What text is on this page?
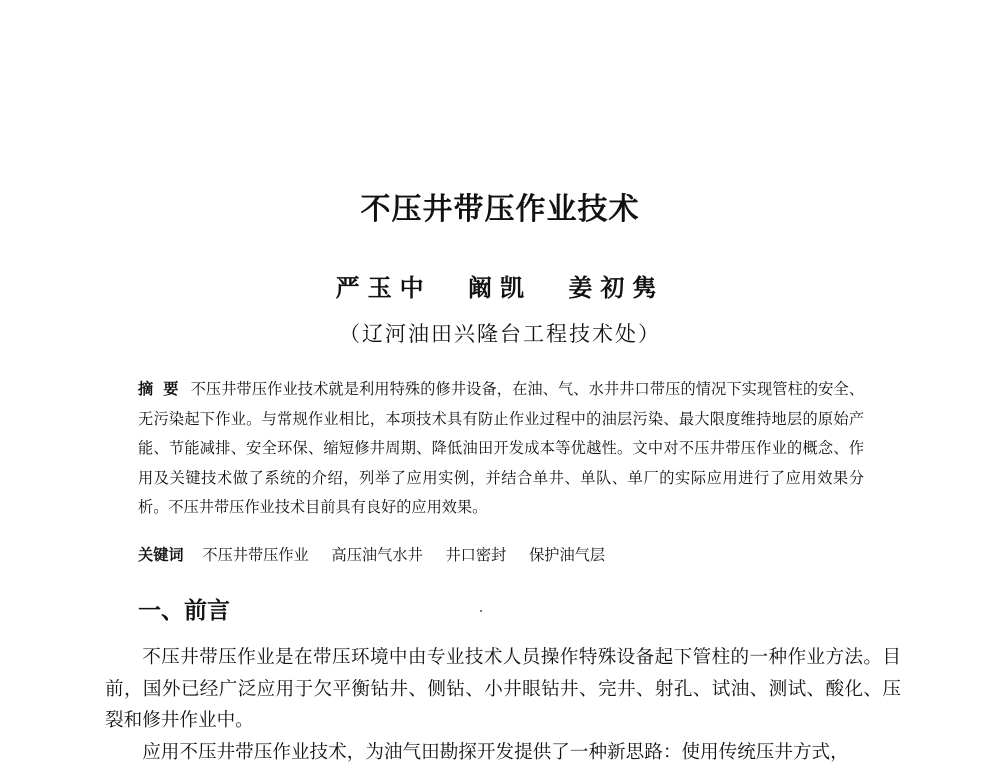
不压井带压作业技术
严玉中 阚凯 姜初隽
（辽河油田兴隆台工程技术处）
摘要 不压井带压作业技术就是利用特殊的修井设备，在油、气、水井井口带压的情况下实现管柱的安全、无污染起下作业。与常规作业相比，本项技术具有防止作业过程中的油层污染、最大限度维持地层的原始产能、节能减排、安全环保、缩短修井周期、降低油田开发成本等优越性。文中对不压井带压作业的概念、作用及关键技术做了系统的介绍，列举了应用实例，并结合单井、单队、单厂的实际应用进行了应用效果分析。不压井带压作业技术目前具有良好的应用效果。
关键词 不压井带压作业 高压油气水井 井口密封 保护油气层
一、前言

不压井带压作业是在带压环境中由专业技术人员操作特殊设备起下管柱的一种作业方法。目前，国外已经广泛应用于欠平衡钻井、侧钻、小井眼钻井、完井、射孔、试油、测试、酸化、压裂和修井作业中。

应用不压井带压作业技术，为油气田勘探开发提供了一种新思路：使用传统压井方式，
